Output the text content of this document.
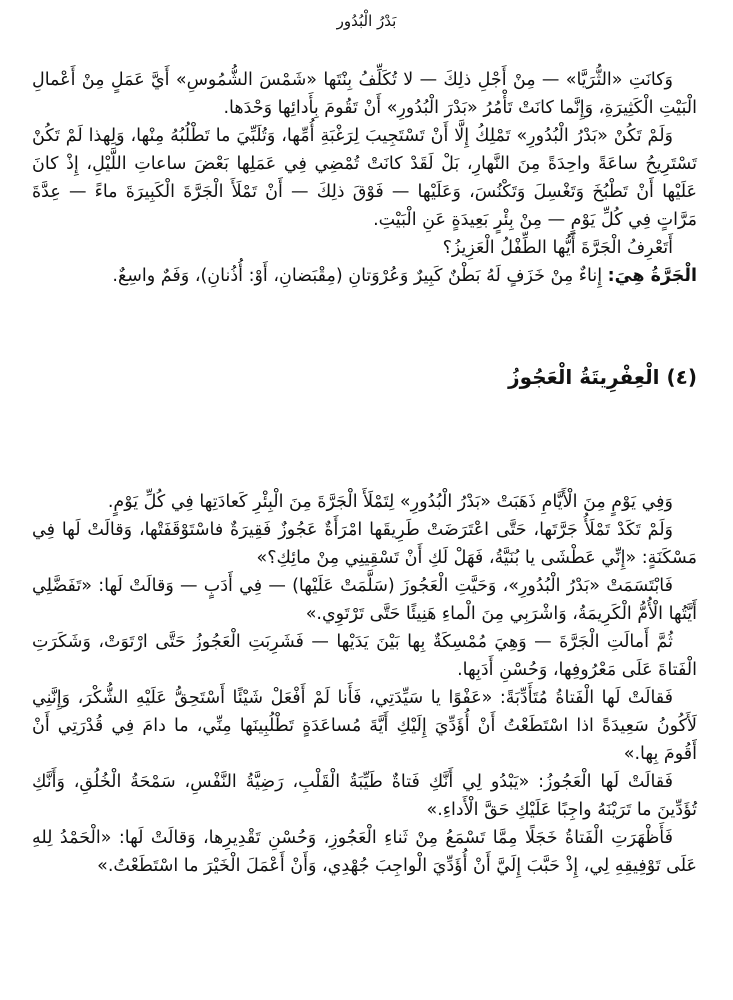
بَدْرُ الْبُدُور

وَكانَتِ «الثُّرَيَّا» — مِنْ أَجْلِ ذلِكَ — لا تُكَلِّفُ بِنْتَها «شَمْسَ الشُّمُوسِ» أَيَّ عَمَلٍ مِنْ أَعْمالِ الْبَيْتِ الْكَثِيرَةِ، وَإِنَّما كانَتْ تَأْمُرُ «بَدْرَ الْبُدُورِ» أَنْ تَقُومَ بِأَدائِها وَحْدَها.

وَلَمْ تَكُنْ «بَدْرُ الْبُدُورِ» تَمْلِكُ إِلَّا أَنْ تَسْتَجِيبَ لِرَغْبَةِ أُمِّها، وَتُلَبِّيَ ما تَطْلُبُهُ مِنْها، وَلِهذا لَمْ تَكُنْ تَسْتَرِيحُ ساعَةً واحِدَةً مِنَ النَّهارِ، بَلْ لَقَدْ كانَتْ تُمْضِي فِي عَمَلِها بَعْضَ ساعاتِ اللَّيْلِ، إِذْ كانَ عَلَيْها أَنْ تَطْبُخَ وَتَغْسِلَ وَتَكْنُسَ، وَعَلَيْها — فَوْقَ ذلِكَ — أَنْ تَمْلَأَ الْجَرَّةَ الْكَبِيرَةَ ماءً — عِدَّةَ مَرَّاتٍ فِي كُلِّ يَوْمٍ — مِنْ بِئْرٍ بَعِيدَةٍ عَنِ الْبَيْتِ.

أَتَعْرِفُ الْجَرَّةَ أَيُّها الطِّفْلُ الْعَزِيزُ؟

الْجَرَّةُ هِيَ: إِناءٌ مِنْ خَزَفٍ لَهُ بَطْنٌ كَبِيرٌ وَعُرْوَتانِ (مِقْبَضانِ، أَوْ: أُذُنانِ)، وَفَمٌ واسِعٌ.

(٤) الْعِفْرِيتَةُ الْعَجُوزُ

وَفِي يَوْمٍ مِنَ الْأَيَّامِ ذَهَبَتْ «بَدْرُ الْبُدُورِ» لِتَمْلَأَ الْجَرَّةَ مِنَ الْبِئْرِ كَعادَتِها فِي كُلِّ يَوْمٍ.

وَلَمْ تَكَدْ تَمْلَأُ جَرَّتَها، حَتَّى اعْتَرَضَتْ طَرِيقَها امْرَأَةٌ عَجُوزٌ فَقِيرَةٌ فاسْتَوْقَفَتْها، وَقالَتْ لَها فِي مَسْكَنَةٍ: «إِنِّي عَطْشَى يا بُنَيَّةُ، فَهَلْ لَكِ أَنْ تَسْقِينِي مِنْ مائِكِ؟»

فَابْتَسَمَتْ «بَدْرُ الْبُدُورِ»، وَحَيَّتِ الْعَجُوزَ (سَلَّمَتْ عَلَيْها) — فِي أَدَبٍ — وَقالَتْ لَها: «تَفَضَّلِي أَيَّتُها الْأُمُّ الْكَرِيمَةُ، وَاشْرَبِي مِنَ الْماءِ هَنِيئًا حَتَّى تَرْتَوِي.»

ثُمَّ أَمالَتِ الْجَرَّةَ — وَهِيَ مُمْسِكَةٌ بِها بَيْنَ يَدَيْها — فَشَرِبَتِ الْعَجُوزُ حَتَّى ارْتَوَتْ، وَشَكَرَتِ الْفَتاةَ عَلَى مَعْرُوفِها، وَحُسْنِ أَدَبِها.

فَقالَتْ لَها الْفَتاةُ مُتَأَدِّبَةً: «عَفْوًا يا سَيِّدَتِي، فَأَنا لَمْ أَفْعَلْ شَيْئًا أَسْتَحِقُّ عَلَيْهِ الشُّكْرَ، وَإِنَّنِي لَأَكُونُ سَعِيدَةً اذا اسْتَطَعْتُ أَنْ أُؤَدِّيَ إِلَيْكِ أَيَّةَ مُساعَدَةٍ تَطْلُبِينَها مِنِّي، ما دامَ فِي قُدْرَتِي أَنْ أَقُومَ بِها.»

فَقالَتْ لَها الْعَجُوزُ: «يَبْدُو لِي أَنَّكِ فَتاةٌ طَيِّبَةُ الْقَلْبِ، رَضِيَّةُ النَّفْسِ، سَمْحَةُ الْخُلُقِ، وَأَنَّكِ تُؤَدِّينَ ما تَرَيْنَهُ واجِبًا عَلَيْكِ حَقَّ الْأَداءِ.»

فَأَظْهَرَتِ الْفَتاةُ خَجَلًا مِمَّا تَسْمَعُ مِنْ ثَناءِ الْعَجُوزِ، وَحُسْنِ تَقْدِيرِها، وَقالَتْ لَها: «الْحَمْدُ لِلهِ عَلَى تَوْفِيقِهِ لِي، إِذْ حَبَّبَ إِلَيَّ أَنْ أُؤَدِّيَ الْواجِبَ جُهْدِي، وَأَنْ أَعْمَلَ الْخَيْرَ ما اسْتَطَعْتُ.»
